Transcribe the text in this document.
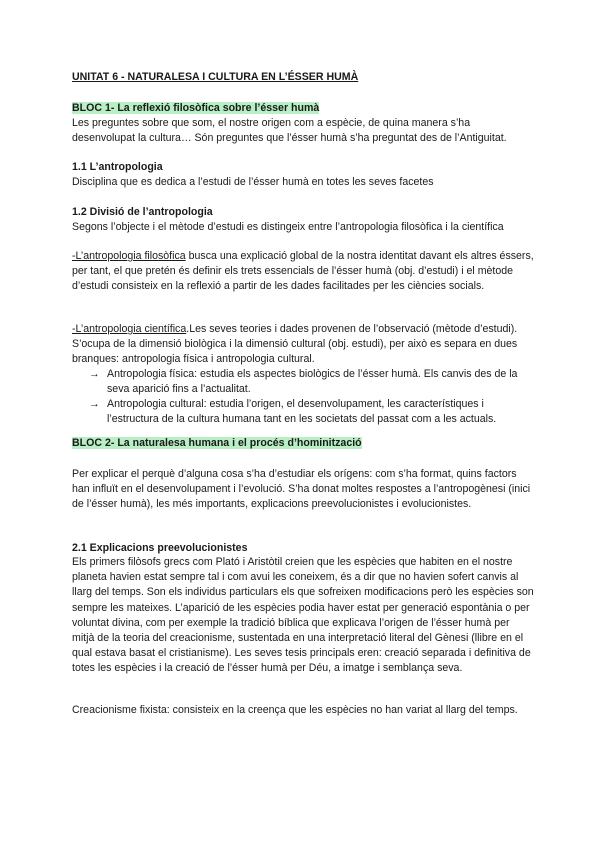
UNITAT 6 - NATURALESA I CULTURA EN L’ÉSSER HUMÀ

BLOC 1- La reflexió filosòfica sobre l’ésser humà

Les preguntes sobre que som, el nostre origen com a espècie, de quina manera s’ha desenvolupat la cultura… Són preguntes que l’ésser humà s’ha preguntat des de l’Antiguitat.

1.1 L’antropologia

Disciplina que es dedica a l’estudi de l’ésser humà en totes les seves facetes

1.2 Divisió de l’antropologia

Segons l’objecte i el mètode d’estudi es distingeix entre l’antropologia filosòfica i la científica

-L’antropologia filosòfica busca una explicació global de la nostra identitat davant els altres éssers, per tant, el que pretén és definir els trets essencials de l’ésser humà (obj. d’estudi) i el mètode d’estudi consisteix en la reflexió a partir de les dades facilitades per les ciències socials.

-L’antropologia científica.Les seves teories i dades provenen de l’observació (mètode d’estudi). S’ocupa de la dimensió biològica i la dimensió cultural (obj. estudi), per això es separa en dues branques: antropologia física i antropologia cultural.

→ Antropologia física: estudia els aspectes biològics de l’ésser humà. Els canvis des de la seva aparició fins a l’actualitat.

→ Antropologia cultural: estudia l’origen, el desenvolupament, les característiques i l’estructura de la cultura humana tant en les societats del passat com a les actuals.

BLOC 2- La naturalesa humana i el procés d’hominització

Per explicar el perquè d’alguna cosa s’ha d’estudiar els orígens: com s’ha format, quins factors han influït en el desenvolupament i l’evolució. S’ha donat moltes respostes a l’antropogènesi (inici de l’ésser humà), les més importants, explicacions preevolucionistes i evolucionistes.

2.1 Explicacions preevolucionistes

Els primers filòsofs grecs com Plató i Aristòtil creien que les espècies que habiten en el nostre planeta havien estat sempre tal i com avui les coneixem, és a dir que no havien sofert canvis al llarg del temps. Son els individus particulars els que sofreixen modificacions però les espècies son sempre les mateixes. L’aparició de les espècies podia haver estat per generació espontània o per voluntat divina, com per exemple la tradició bíblica que explicava l’origen de l’ésser humà per mitjà de la teoria del creacionisme, sustentada en una interpretació literal del Gènesi (llibre en el qual estava basat el cristianisme). Les seves tesis principals eren: creació separada i definitiva de totes les espècies i la creació de l’ésser humà per Déu, a imatge i semblança seva.

Creacionisme fixista: consisteix en la creença que les espècies no han variat al llarg del temps.
